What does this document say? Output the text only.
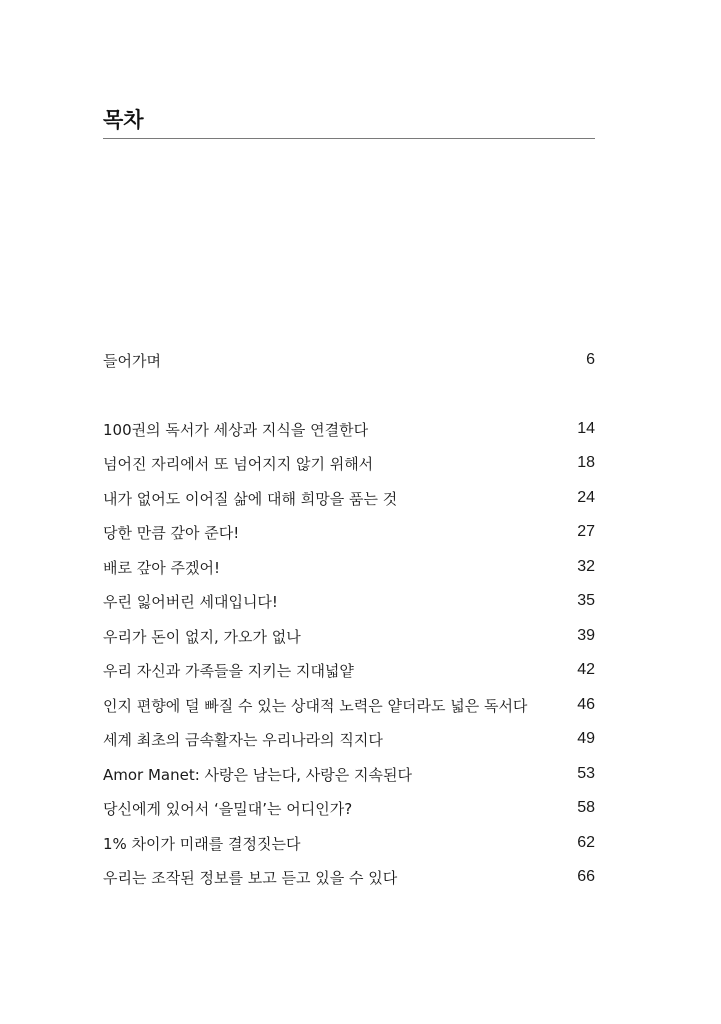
목차
들어가며	6
100권의 독서가 세상과 지식을 연결한다	14
넘어진 자리에서 또 넘어지지 않기 위해서	18
내가 없어도 이어질 삶에 대해 희망을 품는 것	24
당한 만큼 갚아 준다!	27
배로 갚아 주겠어!	32
우린 잃어버린 세대입니다!	35
우리가 돈이 없지, 가오가 없나	39
우리 자신과 가족들을 지키는 지대넓얕	42
인지 편향에 덜 빠질 수 있는 상대적 노력은 얕더라도 넓은 독서다	46
세계 최초의 금속활자는 우리나라의 직지다	49
Amor Manet: 사랑은 남는다, 사랑은 지속된다	53
당신에게 있어서 ‘을밀대’는 어디인가?	58
1% 차이가 미래를 결정짓는다	62
우리는 조작된 정보를 보고 듣고 있을 수 있다	66
